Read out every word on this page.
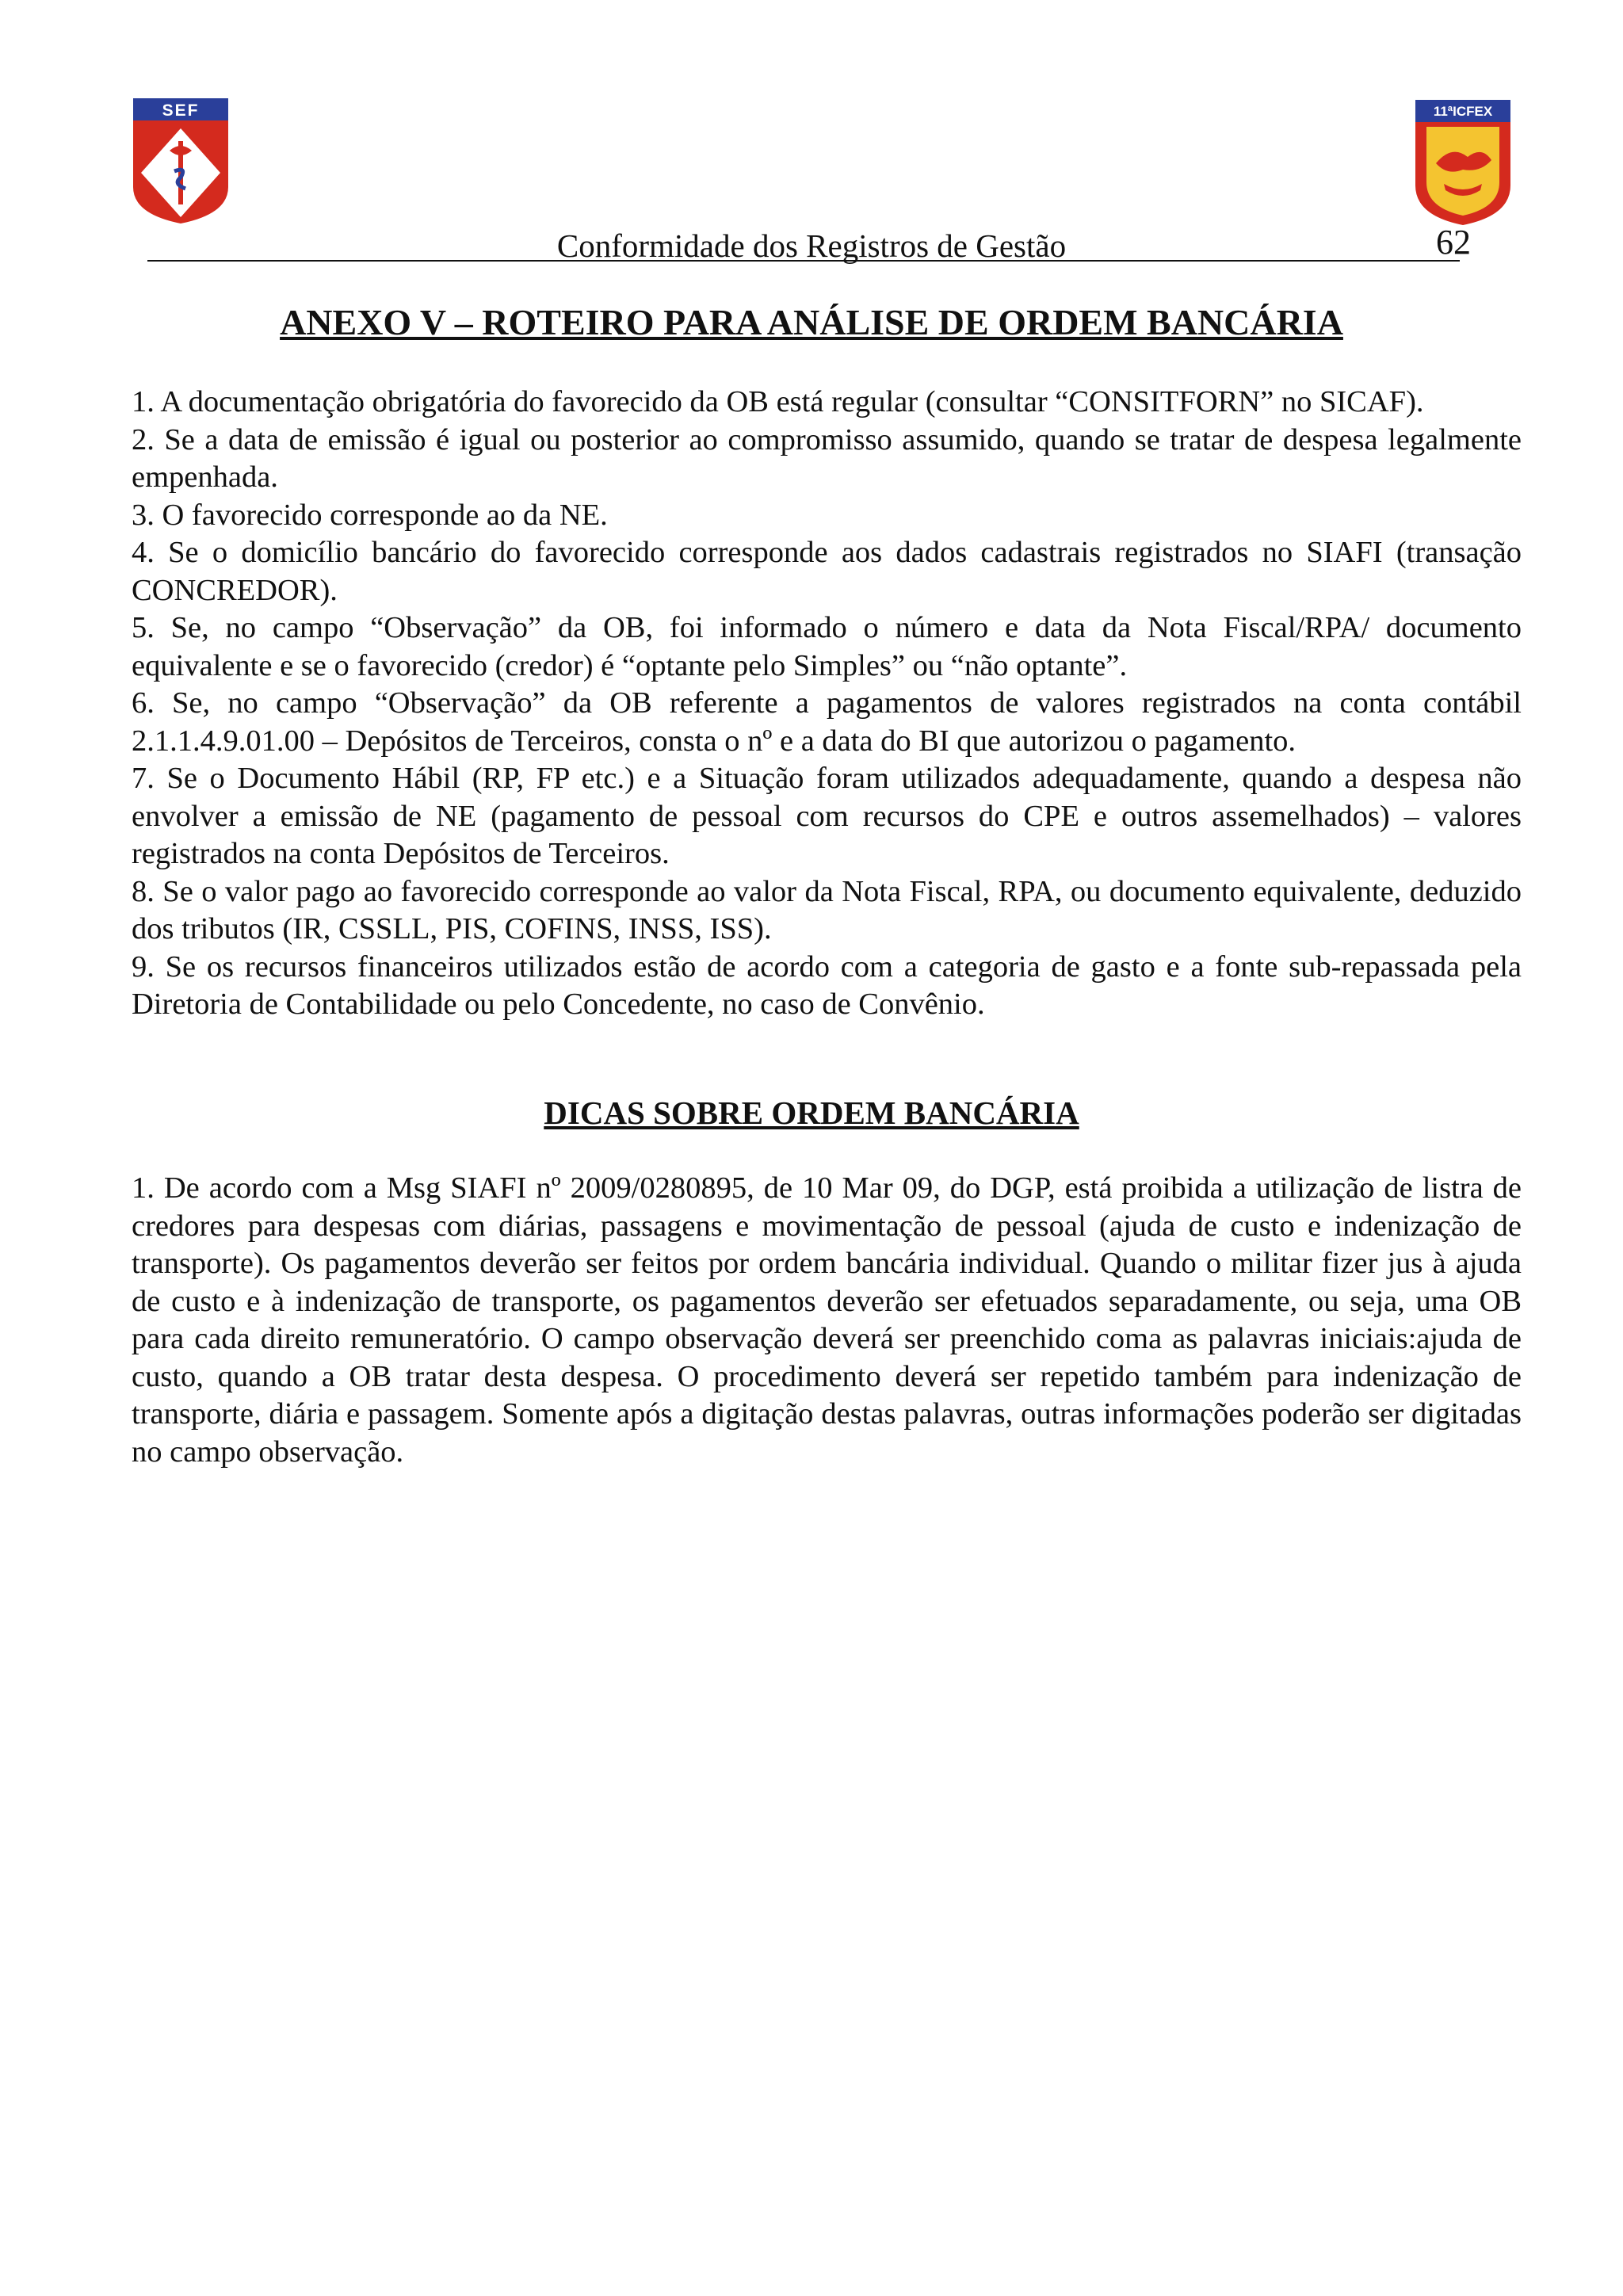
SEF	11ªICFEX
Conformidade dos Registros de Gestão	62
ANEXO V – ROTEIRO PARA ANÁLISE DE ORDEM BANCÁRIA

1. A documentação obrigatória do favorecido da OB está regular (consultar “CONSITFORN” no SICAF).

2. Se a data de emissão é igual ou posterior ao compromisso assumido, quando se tratar de despesa legalmente empenhada.

3. O favorecido corresponde ao da NE.

4. Se o domicílio bancário do favorecido corresponde aos dados cadastrais registrados no SIAFI (transação CONCREDOR).

5. Se, no campo “Observação” da OB, foi informado o número e data da Nota Fiscal/RPA/ documento equivalente e se o favorecido (credor) é “optante pelo Simples” ou “não optante”.

6. Se, no campo “Observação” da OB referente a pagamentos de valores registrados na conta contábil 2.1.1.4.9.01.00 – Depósitos de Terceiros, consta o nº e a data do BI que autorizou o pagamento.

7. Se o Documento Hábil (RP, FP etc.) e a Situação foram utilizados adequadamente, quando a despesa não envolver a emissão de NE (pagamento de pessoal com recursos do CPE e outros assemelhados) – valores registrados na conta Depósitos de Terceiros.

8. Se o valor pago ao favorecido corresponde ao valor da Nota Fiscal, RPA, ou documento equivalente, deduzido dos tributos (IR, CSSLL, PIS, COFINS, INSS, ISS).

9. Se os recursos financeiros utilizados estão de acordo com a categoria de gasto e a fonte sub-repassada pela Diretoria de Contabilidade ou pelo Concedente, no caso de Convênio.

DICAS SOBRE ORDEM BANCÁRIA

1. De acordo com a Msg SIAFI nº 2009/0280895, de 10 Mar 09, do DGP, está proibida a utilização de listra de credores para despesas com diárias, passagens e movimentação de pessoal (ajuda de custo e indenização de transporte). Os pagamentos deverão ser feitos por ordem bancária individual. Quando o militar fizer jus à ajuda de custo e à indenização de transporte, os pagamentos deverão ser efetuados separadamente, ou seja, uma OB para cada direito remuneratório. O campo observação deverá ser preenchido coma as palavras iniciais:ajuda de custo, quando a OB tratar desta despesa. O procedimento deverá ser repetido também para indenização de transporte, diária e passagem. Somente após a digitação destas palavras, outras informações poderão ser digitadas no campo observação.
